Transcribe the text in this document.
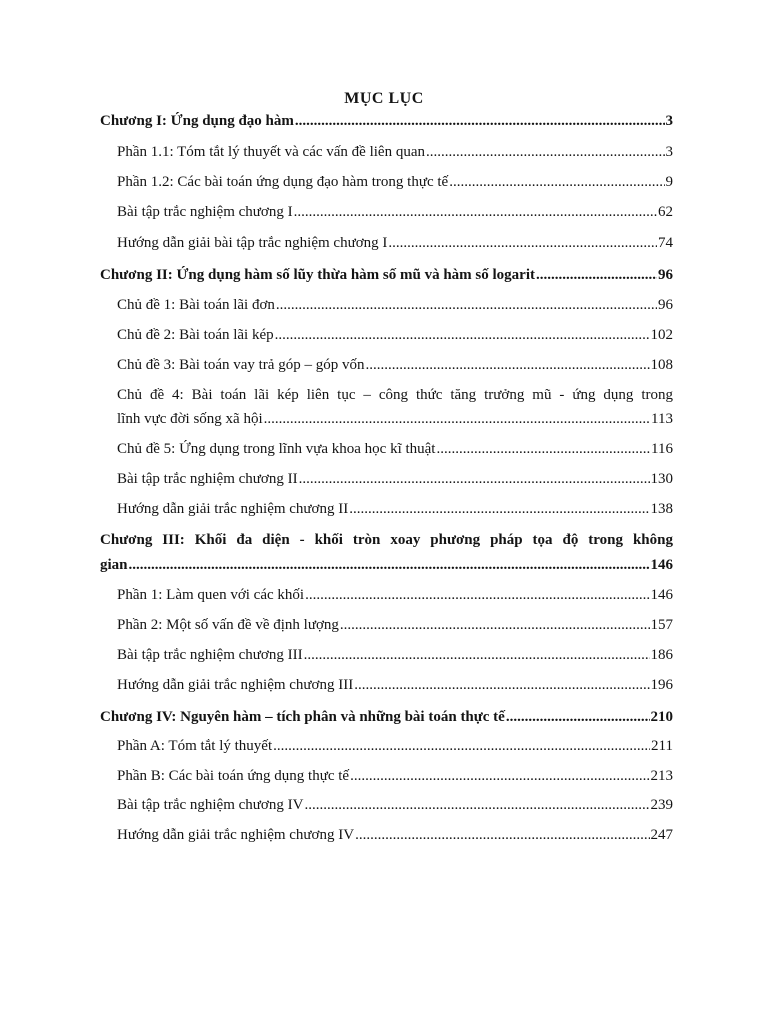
MỤC LỤC
Chương I: Ứng dụng đạo hàm .....	3
Phần 1.1: Tóm tắt lý thuyết và các vấn đề liên quan .....	3
Phần 1.2: Các bài toán ứng dụng đạo hàm trong thực tế .....	9
Bài tập trắc nghiệm chương I .....	62
Hướng dẫn giải bài tập trắc nghiệm chương I .....	74
Chương II: Ứng dụng hàm số lũy thừa hàm số mũ và hàm số logarit .....	96
Chủ đề 1: Bài toán lãi đơn .....	96
Chủ đề 2: Bài toán lãi kép .....	102
Chủ đề 3: Bài toán vay trả góp – góp vốn .....	108
Chủ đề 4: Bài toán lãi kép liên tục – công thức tăng trưởng mũ - ứng dụng trong
lĩnh vực đời sống xã hội .....	113
Chủ đề 5: Ứng dụng trong lĩnh vựa khoa học kĩ thuật .....	116
Bài tập trắc nghiệm chương II .....	130
Hướng dẫn giải trắc nghiệm chương II .....	138
Chương III: Khối đa diện - khối tròn xoay phương pháp tọa độ trong không
gian .....	146
Phần 1: Làm quen với các khối .....	146
Phần 2: Một số vấn đề về định lượng .....	157
Bài tập trắc nghiệm chương III .....	186
Hướng dẫn giải trắc nghiệm chương III .....	196
Chương IV: Nguyên hàm – tích phân và những bài toán thực tế .....	210
Phần A: Tóm tắt lý thuyết .....	211
Phần B: Các bài toán ứng dụng thực tế .....	213
Bài tập trắc nghiệm chương IV .....	239
Hướng dẫn giải trắc nghiệm chương IV .....	247
